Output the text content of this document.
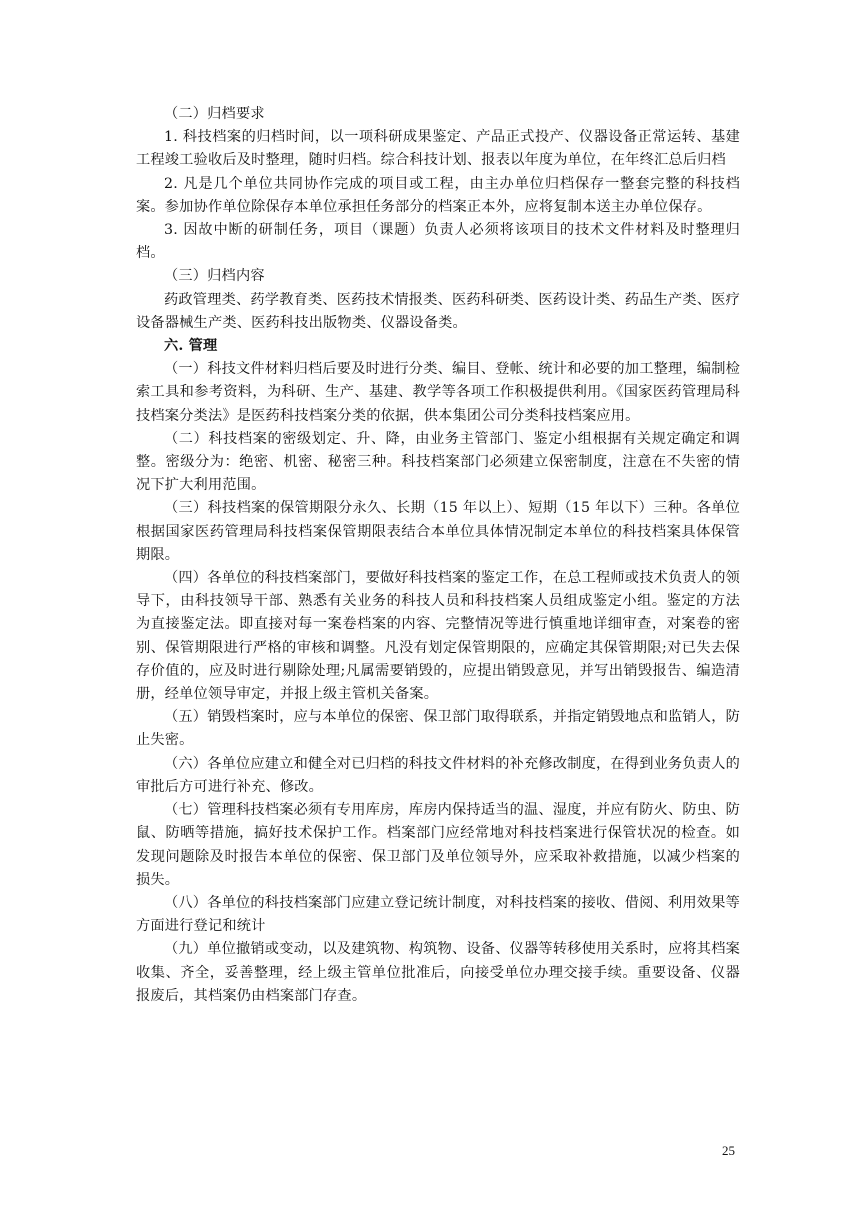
（二）归档要求

1. 科技档案的归档时间，以一项科研成果鉴定、产品正式投产、仪器设备正常运转、基建工程竣工验收后及时整理，随时归档。综合科技计划、报表以年度为单位，在年终汇总后归档

2. 凡是几个单位共同协作完成的项目或工程，由主办单位归档保存一整套完整的科技档案。参加协作单位除保存本单位承担任务部分的档案正本外，应将复制本送主办单位保存。

3. 因故中断的研制任务，项目（课题）负责人必须将该项目的技术文件材料及时整理归档。

（三）归档内容

药政管理类、药学教育类、医药技术情报类、医药科研类、医药设计类、药品生产类、医疗设备器械生产类、医药科技出版物类、仪器设备类。

六. 管理

（一）科技文件材料归档后要及时进行分类、编目、登帐、统计和必要的加工整理，编制检索工具和参考资料，为科研、生产、基建、教学等各项工作积极提供利用。《国家医药管理局科技档案分类法》是医药科技档案分类的依据，供本集团公司分类科技档案应用。

（二）科技档案的密级划定、升、降，由业务主管部门、鉴定小组根据有关规定确定和调整。密级分为：绝密、机密、秘密三种。科技档案部门必须建立保密制度，注意在不失密的情况下扩大利用范围。

（三）科技档案的保管期限分永久、长期（15 年以上）、短期（15 年以下）三种。各单位根据国家医药管理局科技档案保管期限表结合本单位具体情况制定本单位的科技档案具体保管期限。

（四）各单位的科技档案部门，要做好科技档案的鉴定工作，在总工程师或技术负责人的领导下，由科技领导干部、熟悉有关业务的科技人员和科技档案人员组成鉴定小组。鉴定的方法为直接鉴定法。即直接对每一案卷档案的内容、完整情况等进行慎重地详细审查，对案卷的密别、保管期限进行严格的审核和调整。凡没有划定保管期限的，应确定其保管期限;对已失去保存价值的，应及时进行剔除处理;凡属需要销毁的，应提出销毁意见，并写出销毁报告、编造清册，经单位领导审定，并报上级主管机关备案。

（五）销毁档案时，应与本单位的保密、保卫部门取得联系，并指定销毁地点和监销人，防止失密。

（六）各单位应建立和健全对已归档的科技文件材料的补充修改制度，在得到业务负责人的审批后方可进行补充、修改。

（七）管理科技档案必须有专用库房，库房内保持适当的温、湿度，并应有防火、防虫、防鼠、防晒等措施，搞好技术保护工作。档案部门应经常地对科技档案进行保管状况的检查。如发现问题除及时报告本单位的保密、保卫部门及单位领导外，应采取补救措施，以减少档案的损失。

（八）各单位的科技档案部门应建立登记统计制度，对科技档案的接收、借阅、利用效果等方面进行登记和统计

（九）单位撤销或变动，以及建筑物、构筑物、设备、仪器等转移使用关系时，应将其档案收集、齐全，妥善整理，经上级主管单位批准后，向接受单位办理交接手续。重要设备、仪器报废后，其档案仍由档案部门存查。

25
